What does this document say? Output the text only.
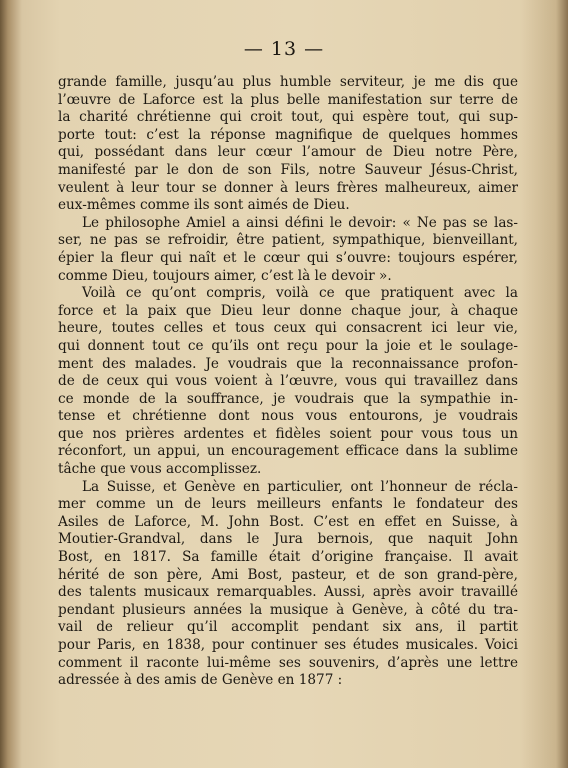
— 13 —
grande famille, jusqu’au plus humble serviteur, je me dis que
l’œuvre de Laforce est la plus belle manifestation sur terre de
la charité chrétienne qui croit tout, qui espère tout, qui sup-
porte tout: c’est la réponse magnifique de quelques hommes
qui, possédant dans leur cœur l’amour de Dieu notre Père,
manifesté par le don de son Fils, notre Sauveur Jésus-Christ,
veulent à leur tour se donner à leurs frères malheureux, aimer
eux-mêmes comme ils sont aimés de Dieu.
Le philosophe Amiel a ainsi défini le devoir: « Ne pas se las-
ser, ne pas se refroidir, être patient, sympathique, bienveillant,
épier la fleur qui naît et le cœur qui s’ouvre: toujours espérer,
comme Dieu, toujours aimer, c’est là le devoir ».
Voilà ce qu’ont compris, voilà ce que pratiquent avec la
force et la paix que Dieu leur donne chaque jour, à chaque
heure, toutes celles et tous ceux qui consacrent ici leur vie,
qui donnent tout ce qu’ils ont reçu pour la joie et le soulage-
ment des malades. Je voudrais que la reconnaissance profon-
de de ceux qui vous voient à l’œuvre, vous qui travaillez dans
ce monde de la souffrance, je voudrais que la sympathie in-
tense et chrétienne dont nous vous entourons, je voudrais
que nos prières ardentes et fidèles soient pour vous tous un
réconfort, un appui, un encouragement efficace dans la sublime
tâche que vous accomplissez.
La Suisse, et Genève en particulier, ont l’honneur de récla-
mer comme un de leurs meilleurs enfants le fondateur des
Asiles de Laforce, M. John Bost. C’est en effet en Suisse, à
Moutier-Grandval, dans le Jura bernois, que naquit John
Bost, en 1817. Sa famille était d’origine française. Il avait
hérité de son père, Ami Bost, pasteur, et de son grand-père,
des talents musicaux remarquables. Aussi, après avoir travaillé
pendant plusieurs années la musique à Genève, à côté du tra-
vail de relieur qu’il accomplit pendant six ans, il partit
pour Paris, en 1838, pour continuer ses études musicales. Voici
comment il raconte lui-même ses souvenirs, d’après une lettre
adressée à des amis de Genève en 1877 :
